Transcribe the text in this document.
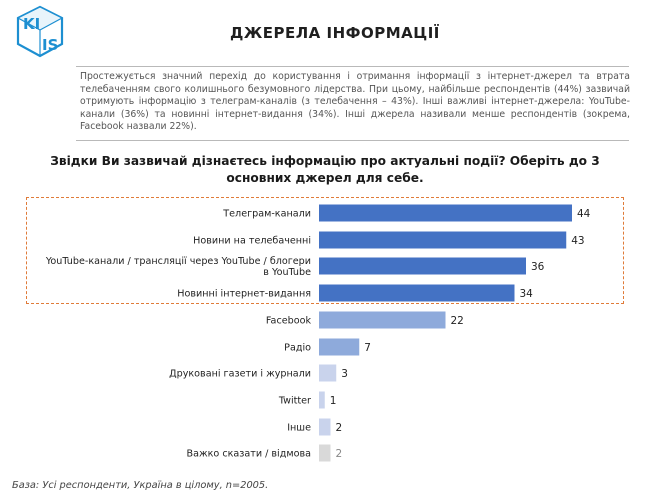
KI
IS
ДЖЕРЕЛА ІНФОРМАЦІЇ

Простежується значний перехід до користування і отримання інформації з інтернет-джерел та втрата телебаченням свого колишнього безумовного лідерства. При цьому, найбільше респондентів (44%) зазвичай отримують інформацію з телеграм-каналів (з телебачення – 43%). Інші важливі інтернет-джерела: YouTube-канали (36%) та новинні інтернет-видання (34%). Інші джерела називали менше респондентів (зокрема, Facebook назвали 22%).

Звідки Ви зазвичай дізнаєтесь інформацію про актуальні події? Оберіть до 3 основних джерел для себе.

44
Телеграм-канали
43
Новини на телебаченні
36
YouTube-канали / трансляції через YouTube / блогери
в YouTube
34
Новинні інтернет-видання
22
Facebook
7
Радіо
3
Друковані газети і журнали
1
Twitter
2
Інше
2
Важко сказати / відмова
База: Усі респонденти, Україна в цілому, n=2005.
